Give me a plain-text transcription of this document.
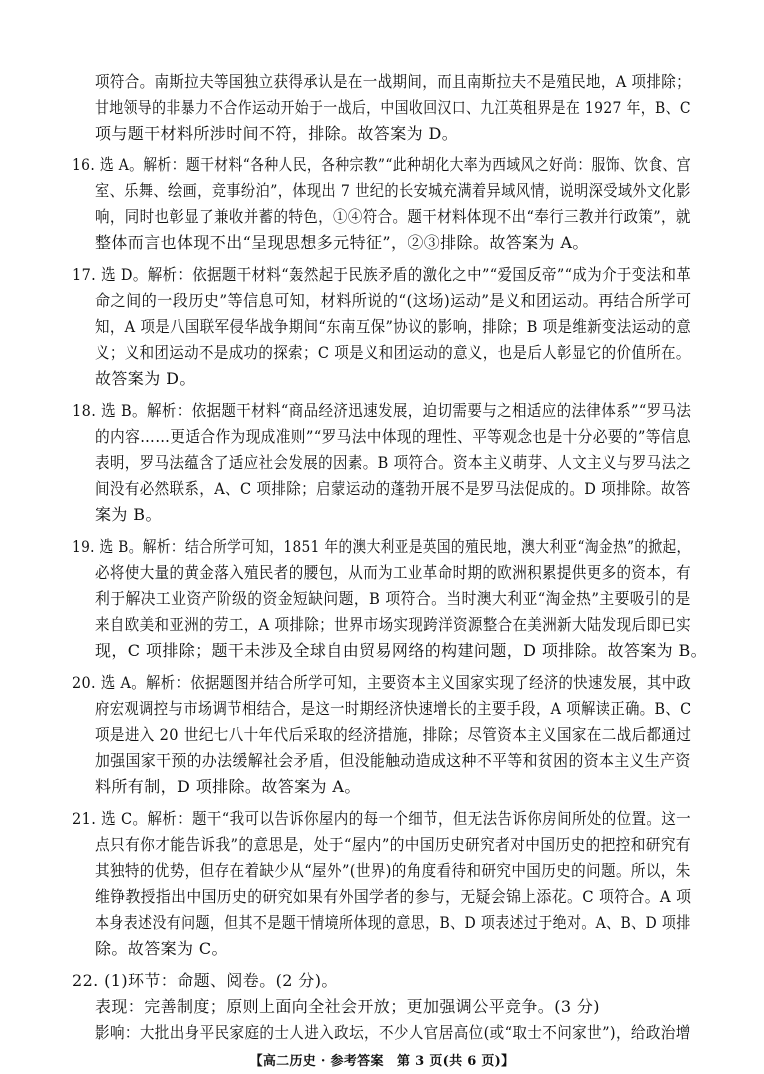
项符合。南斯拉夫等国独立获得承认是在一战期间，而且南斯拉夫不是殖民地，A 项排除；
甘地领导的非暴力不合作运动开始于一战后，中国收回汉口、九江英租界是在 1927 年，B、C
项与题干材料所涉时间不符，排除。故答案为 D。
16. 选 A。解析：题干材料“各种人民，各种宗教”“此种胡化大率为西域风之好尚：服饰、饮食、宫
室、乐舞、绘画，竞事纷泊”，体现出 7 世纪的长安城充满着异域风情，说明深受域外文化影
响，同时也彰显了兼收并蓄的特色，①④符合。题干材料体现不出“奉行三教并行政策”，就
整体而言也体现不出“呈现思想多元特征”，②③排除。故答案为 A。
17. 选 D。解析：依据题干材料“轰然起于民族矛盾的激化之中”“爱国反帝”“成为介于变法和革
命之间的一段历史”等信息可知，材料所说的“(这场)运动”是义和团运动。再结合所学可
知，A 项是八国联军侵华战争期间“东南互保”协议的影响，排除；B 项是维新变法运动的意
义；义和团运动不是成功的探索；C 项是义和团运动的意义，也是后人彰显它的价值所在。
故答案为 D。
18. 选 B。解析：依据题干材料“商品经济迅速发展，迫切需要与之相适应的法律体系”“罗马法
的内容……更适合作为现成准则”“罗马法中体现的理性、平等观念也是十分必要的”等信息
表明，罗马法蕴含了适应社会发展的因素。B 项符合。资本主义萌芽、人文主义与罗马法之
间没有必然联系，A、C 项排除；启蒙运动的蓬勃开展不是罗马法促成的。D 项排除。故答
案为 B。
19. 选 B。解析：结合所学可知，1851 年的澳大利亚是英国的殖民地，澳大利亚“淘金热”的掀起，
必将使大量的黄金落入殖民者的腰包，从而为工业革命时期的欧洲积累提供更多的资本，有
利于解决工业资产阶级的资金短缺问题，B 项符合。当时澳大利亚“淘金热”主要吸引的是
来自欧美和亚洲的劳工，A 项排除；世界市场实现跨洋资源整合在美洲新大陆发现后即已实
现，C 项排除；题干未涉及全球自由贸易网络的构建问题，D 项排除。故答案为 B。
20. 选 A。解析：依据题图并结合所学可知，主要资本主义国家实现了经济的快速发展，其中政
府宏观调控与市场调节相结合，是这一时期经济快速增长的主要手段，A 项解读正确。B、C
项是进入 20 世纪七八十年代后采取的经济措施，排除；尽管资本主义国家在二战后都通过
加强国家干预的办法缓解社会矛盾，但没能触动造成这种不平等和贫困的资本主义生产资
料所有制，D 项排除。故答案为 A。
21. 选 C。解析：题干“我可以告诉你屋内的每一个细节，但无法告诉你房间所处的位置。这一
点只有你才能告诉我”的意思是，处于“屋内”的中国历史研究者对中国历史的把控和研究有
其独特的优势，但存在着缺少从“屋外”(世界)的角度看待和研究中国历史的问题。所以，朱
维铮教授指出中国历史的研究如果有外国学者的参与，无疑会锦上添花。C 项符合。A 项
本身表述没有问题，但其不是题干情境所体现的意思，B、D 项表述过于绝对。A、B、D 项排
除。故答案为 C。
22. (1)环节：命题、阅卷。(2 分)。
表现：完善制度；原则上面向全社会开放；更加强调公平竞争。(3 分)
影响：大批出身平民家庭的士人进入政坛，不少人官居高位(或“取士不问家世”)，给政治增
【高二历史 · 参考答案　第 3 页(共 6 页)】
